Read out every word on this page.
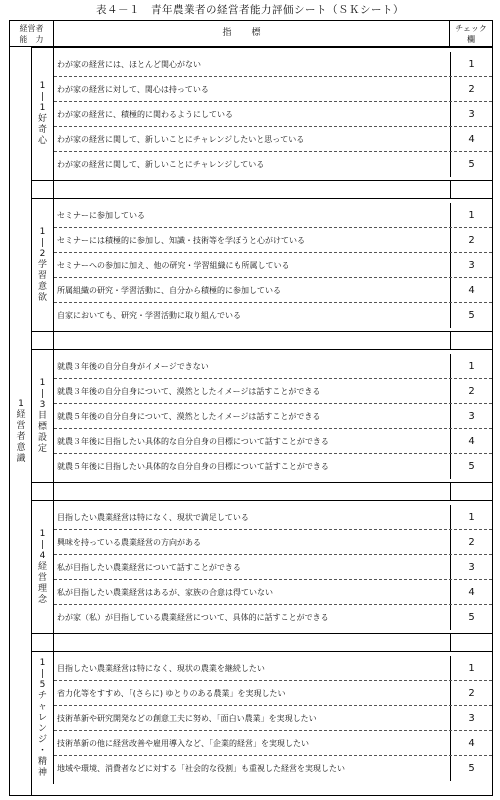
表４－１　青年農業者の経営者能力評価シート（ＳＫシート）
経営者
能　力
指標	チェック
欄
1
経
営
者
意
識
1
|
1
好
奇
心
わが家の経営には、ほとんど関心がない	1
わが家の経営に対して、関心は持っている	2
わが家の経営に、積極的に関わるようにしている	3
わが家の経営に関して、新しいことにチャレンジしたいと思っている	4
わが家の経営に関して、新しいことにチャレンジしている	5
1
|
2
学
習
意
欲
セミナーに参加している	1
セミナーには積極的に参加し、知識・技術等を学ぼうと心がけている	2
セミナーへの参加に加え、他の研究・学習組織にも所属している	3
所属組織の研究・学習活動に、自分から積極的に参加している	4
自家においても、研究・学習活動に取り組んでいる	5
1
|
3
目
標
設
定
就農３年後の自分自身がイメージできない	1
就農３年後の自分自身について、漠然としたイメージは話すことができる	2
就農５年後の自分自身について、漠然としたイメージは話すことができる	3
就農３年後に目指したい具体的な自分自身の目標について話すことができる	4
就農５年後に目指したい具体的な自分自身の目標について話すことができる	5
1
|
4
経
営
理
念
目指したい農業経営は特になく、現状で満足している	1
興味を持っている農業経営の方向がある	2
私が目指したい農業経営について話すことができる	3
私が目指したい農業経営はあるが、家族の合意は得ていない	4
わが家（私）が目指している農業経営について、具体的に話すことができる	5
1
|
5
チ
ャ
レ
ン
ジ
・
精
神
目指したい農業経営は特になく、現状の農業を継続したい	1
省力化等をすすめ、「(さらに) ゆとりのある農業」を実現したい	2
技術革新や研究開発などの創意工夫に努め、「面白い農業」を実現したい	3
技術革新の他に経営改善や雇用導入など、「企業的経営」を実現したい	4
地域や環境、消費者などに対する「社会的な役割」も重視した経営を実現したい	5
